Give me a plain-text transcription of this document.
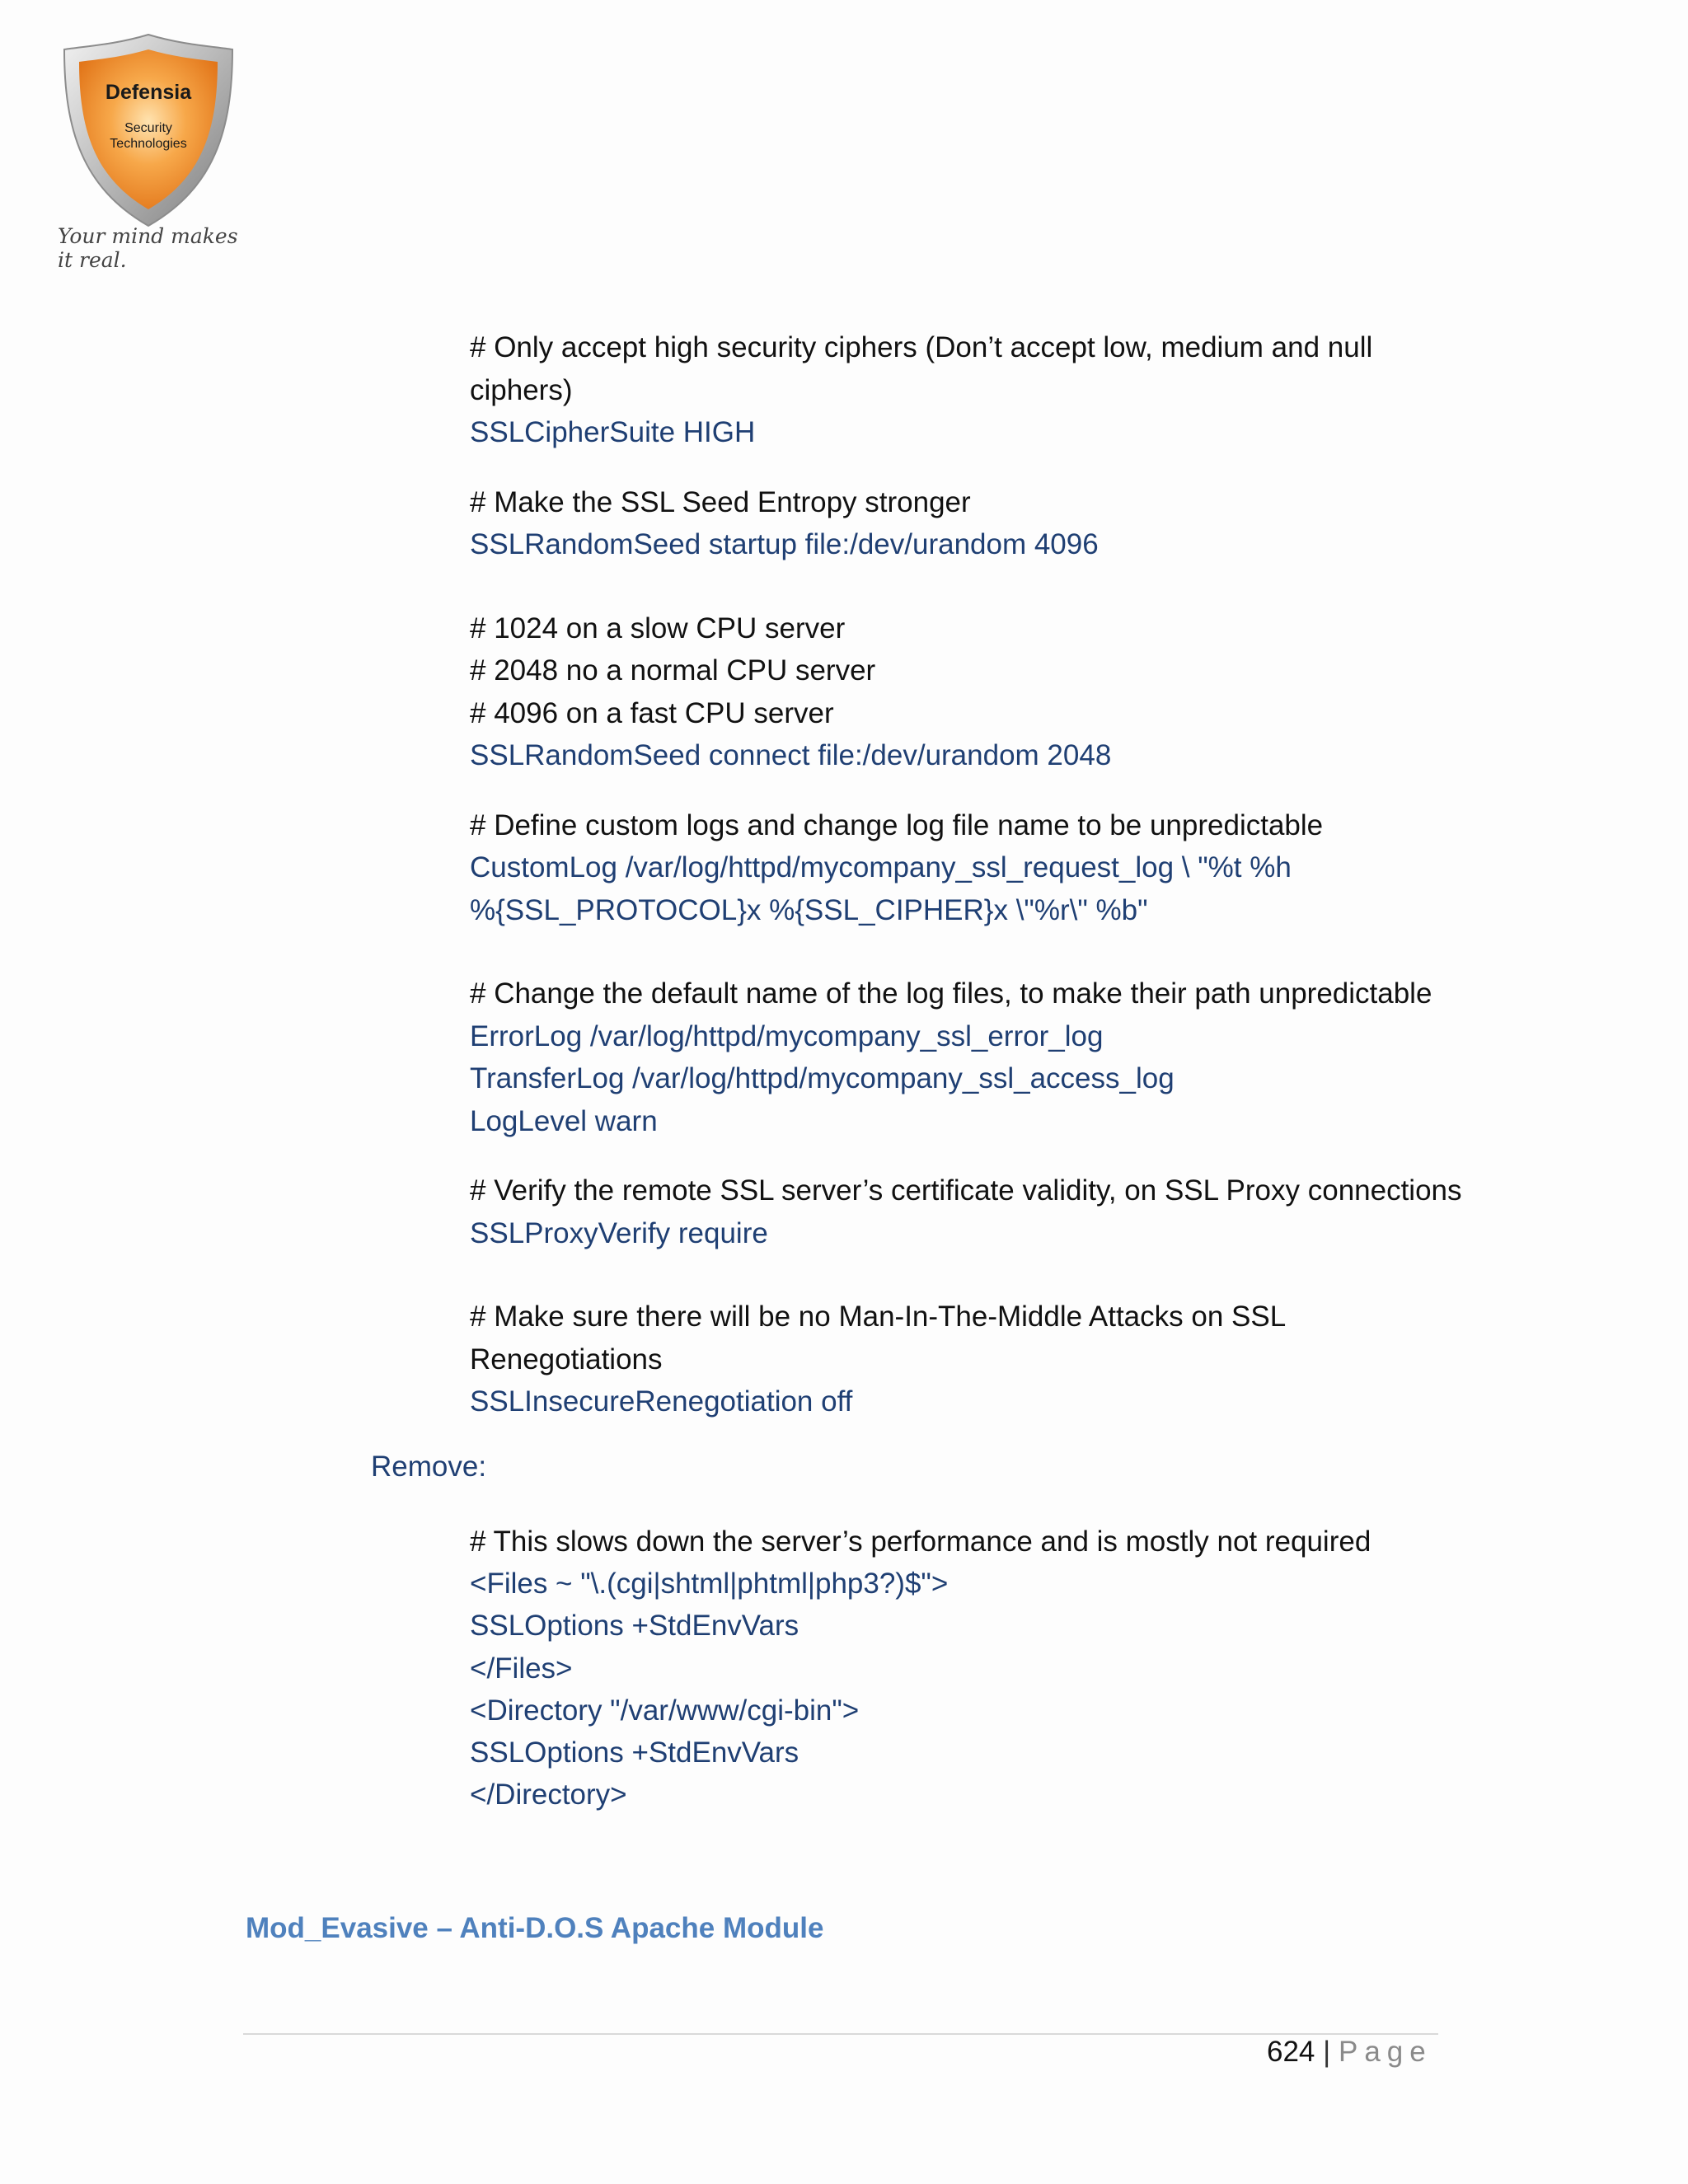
Defensia
Security
Technologies
Your mind makes it real.
# Only accept high security ciphers (Don’t accept low, medium and null
ciphers)
SSLCipherSuite HIGH
# Make the SSL Seed Entropy stronger
SSLRandomSeed startup file:/dev/urandom 4096
# 1024 on a slow CPU server
# 2048 no a normal CPU server
# 4096 on a fast CPU server
SSLRandomSeed connect file:/dev/urandom 2048
# Define custom logs and change log file name to be unpredictable
CustomLog /var/log/httpd/mycompany_ssl_request_log \ "%t %h
%{SSL_PROTOCOL}x %{SSL_CIPHER}x \"%r\" %b"
# Change the default name of the log files, to make their path unpredictable
ErrorLog /var/log/httpd/mycompany_ssl_error_log
TransferLog /var/log/httpd/mycompany_ssl_access_log
LogLevel warn
# Verify the remote SSL server’s certificate validity, on SSL Proxy connections
SSLProxyVerify require
# Make sure there will be no Man-In-The-Middle Attacks on SSL
Renegotiations
SSLInsecureRenegotiation off
Remove:
# This slows down the server’s performance and is mostly not required
<Files ~ "\.(cgi|shtml|phtml|php3?)$">
SSLOptions +StdEnvVars
</Files>
<Directory "/var/www/cgi-bin">
SSLOptions +StdEnvVars
</Directory>
Mod_Evasive – Anti-D.O.S Apache Module
624 | Page
